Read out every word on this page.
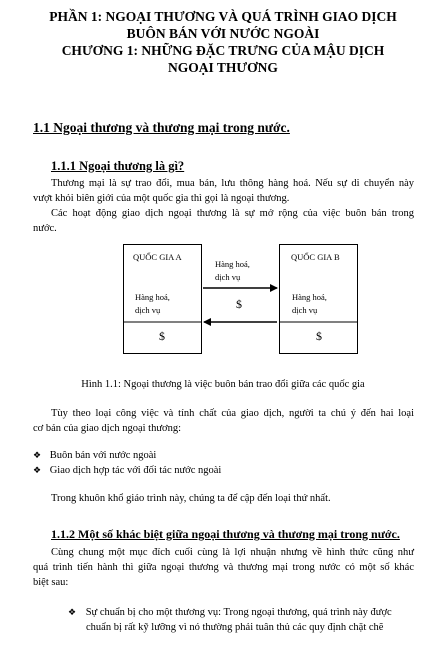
PHẦN 1: NGOẠI THƯƠNG VÀ QUÁ TRÌNH GIAO DỊCH
BUÔN BÁN VỚI NƯỚC NGOÀI
CHƯƠNG 1: NHỮNG ĐẶC TRƯNG CỦA MẬU DỊCH
NGOẠI THƯƠNG
1.1 Ngoại thương và thương mại trong nước.
1.1.1 Ngoại thương là gì?
Thương mại là sự trao đổi, mua bán, lưu thông hàng hoá. Nếu sự di chuyển này
vượt khỏi biên giới của một quốc gia thì gọi là ngoại thương.
Các hoạt động giao dịch ngoại thương là sự mở rộng của việc buôn bán trong
nước.
QUỐC GIA A	QUỐC GIA B
Hàng hoá,
dịch vụ
Hàng hoá,
dịch vụ
Hàng hoá,
dịch vụ
$	$
$
Hình 1.1: Ngoại thương là việc buôn bán trao đổi giữa các quốc gia
Tùy theo loại công việc và tính chất của giao dịch, người ta chú ý đến hai loại
cơ bản của giao dịch ngoại thương:
❖ Buôn bán với nước ngoài
❖ Giao dịch hợp tác với đối tác nước ngoài
Trong khuôn khổ giáo trình này, chúng ta để cập đến loại thứ nhất.
1.1.2 Một số khác biệt giữa ngoại thương và thương mại trong nước.
Cùng chung một mục đích cuối cùng là lợi nhuận nhưng về hình thức cũng như
quá trình tiến hành thì giữa ngoại thương và thương mại trong nước có một số khác
biệt sau:
❖ Sự chuẩn bị cho một thương vụ: Trong ngoại thương, quá trình này được
chuẩn bị rất kỹ lưỡng vì nó thường phải tuân thủ các quy định chặt chẽ
